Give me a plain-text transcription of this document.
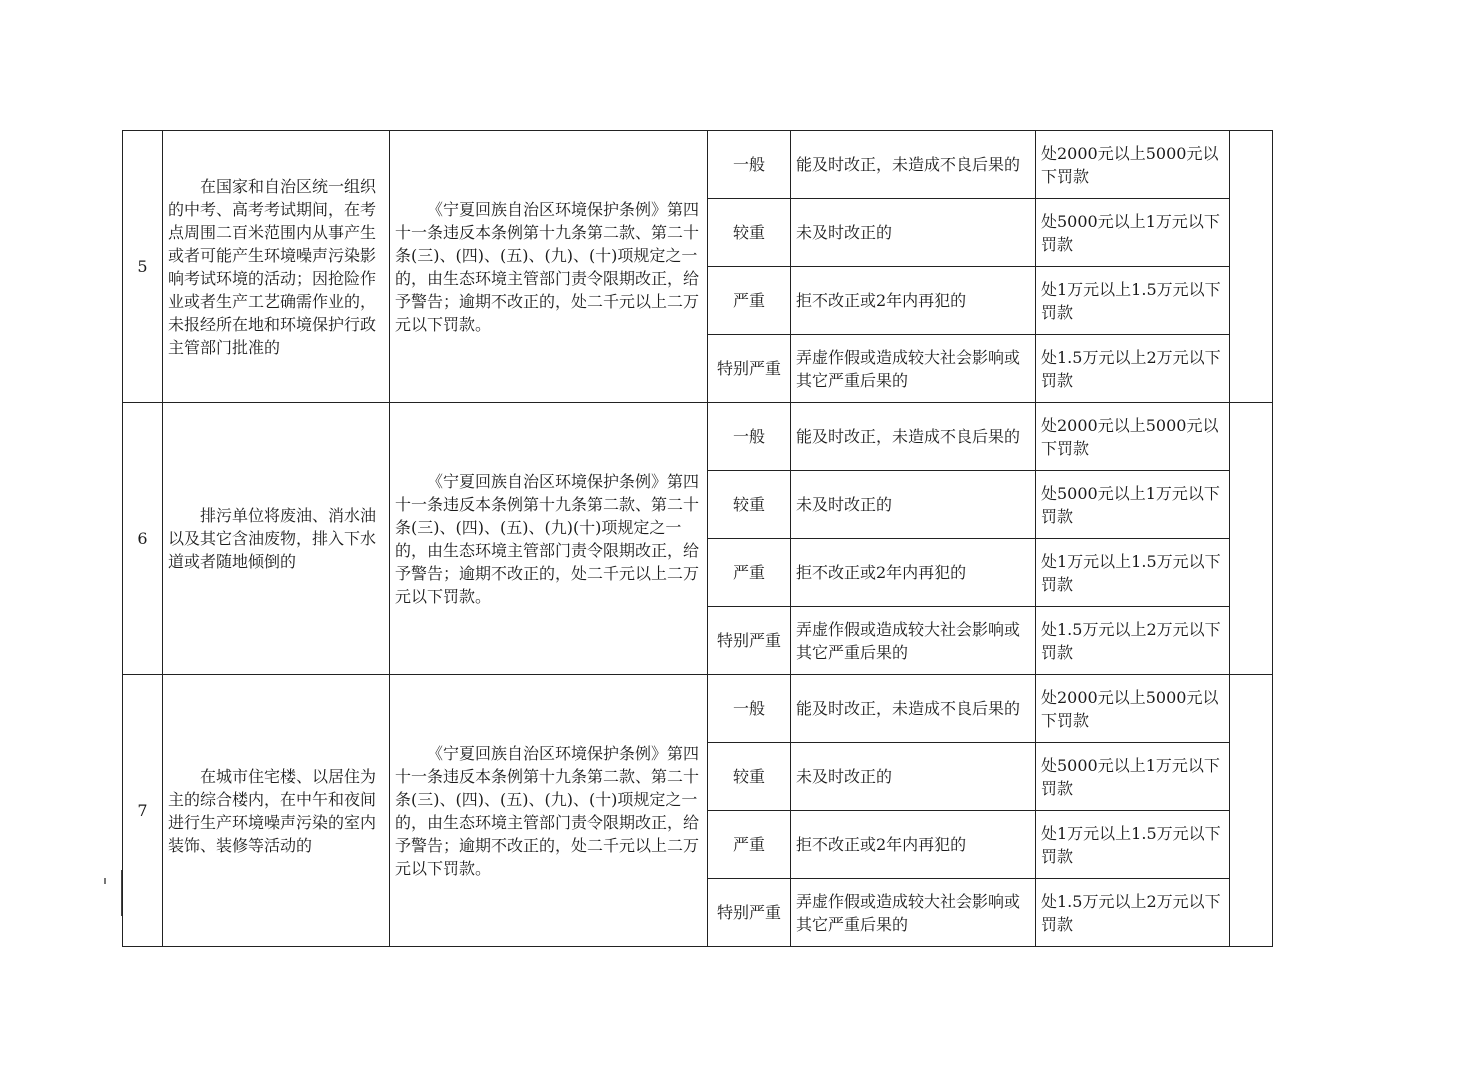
5	在国家和自治区统一组织的中考、高考考试期间，在考点周围二百米范围内从事产生或者可能产生环境噪声污染影响考试环境的活动；因抢险作业或者生产工艺确需作业的，未报经所在地和环境保护行政主管部门批准的	《宁夏回族自治区环境保护条例》第四十一条违反本条例第十九条第二款、第二十条(三)、(四)、(五)、(九)、(十)项规定之一的，由生态环境主管部门责令限期改正，给予警告；逾期不改正的，处二千元以上二万元以下罚款。	一般	能及时改正，未造成不良后果的	处2000元以上5000元以下罚款	
			较重	未及时改正的	处5000元以上1万元以下罚款	
			严重	拒不改正或2年内再犯的	处1万元以上1.5万元以下罚款	
			特别严重	弄虚作假或造成较大社会影响或其它严重后果的	处1.5万元以上2万元以下罚款	
6	排污单位将废油、消水油以及其它含油废物，排入下水道或者随地倾倒的	《宁夏回族自治区环境保护条例》第四十一条违反本条例第十九条第二款、第二十条(三)、(四)、(五)、(九)(十)项规定之一的，由生态环境主管部门责令限期改正，给予警告；逾期不改正的，处二千元以上二万元以下罚款。	一般	能及时改正，未造成不良后果的	处2000元以上5000元以下罚款	
			较重	未及时改正的	处5000元以上1万元以下罚款	
			严重	拒不改正或2年内再犯的	处1万元以上1.5万元以下罚款	
			特别严重	弄虚作假或造成较大社会影响或其它严重后果的	处1.5万元以上2万元以下罚款	
7	在城市住宅楼、以居住为主的综合楼内，在中午和夜间进行生产环境噪声污染的室内装饰、装修等活动的	《宁夏回族自治区环境保护条例》第四十一条违反本条例第十九条第二款、第二十条(三)、(四)、(五)、(九)、(十)项规定之一的，由生态环境主管部门责令限期改正，给予警告；逾期不改正的，处二千元以上二万元以下罚款。	一般	能及时改正，未造成不良后果的	处2000元以上5000元以下罚款	
			较重	未及时改正的	处5000元以上1万元以下罚款	
			严重	拒不改正或2年内再犯的	处1万元以上1.5万元以下罚款	
			特别严重	弄虚作假或造成较大社会影响或其它严重后果的	处1.5万元以上2万元以下罚款	
